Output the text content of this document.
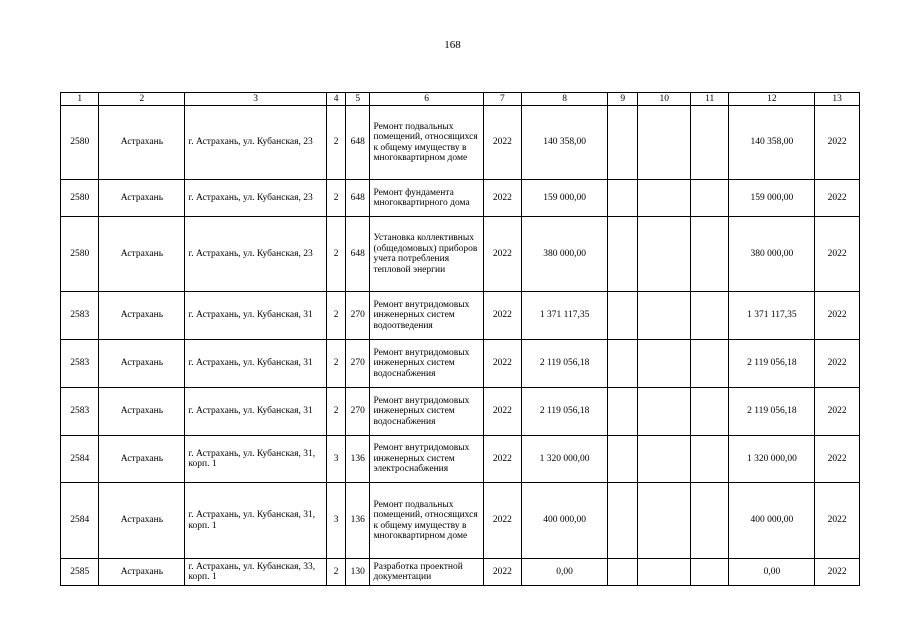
168
1	2	3	4	5	6	7	8	9	10	11	12	13
2580	Астрахань	г. Астрахань, ул. Кубанская, 23	2	648	Ремонт подвальных помещений, относящихся к общему имуществу в многоквартирном доме	2022	140 358,00				140 358,00	2022
2580	Астрахань	г. Астрахань, ул. Кубанская, 23	2	648	Ремонт фундамента многоквартирного дома	2022	159 000,00				159 000,00	2022
2580	Астрахань	г. Астрахань, ул. Кубанская, 23	2	648	Установка коллективных (общедомовых) приборов учета потребления тепловой энергии	2022	380 000,00				380 000,00	2022
2583	Астрахань	г. Астрахань, ул. Кубанская, 31	2	270	Ремонт внутридомовых инженерных систем водоотведения	2022	1 371 117,35				1 371 117,35	2022
2583	Астрахань	г. Астрахань, ул. Кубанская, 31	2	270	Ремонт внутридомовых инженерных систем водоснабжения	2022	2 119 056,18				2 119 056,18	2022
2583	Астрахань	г. Астрахань, ул. Кубанская, 31	2	270	Ремонт внутридомовых инженерных систем водоснабжения	2022	2 119 056,18				2 119 056,18	2022
2584	Астрахань	г. Астрахань, ул. Кубанская, 31, корп. 1	3	136	Ремонт внутридомовых инженерных систем электроснабжения	2022	1 320 000,00				1 320 000,00	2022
2584	Астрахань	г. Астрахань, ул. Кубанская, 31, корп. 1	3	136	Ремонт подвальных помещений, относящихся к общему имуществу в многоквартирном доме	2022	400 000,00				400 000,00	2022
2585	Астрахань	г. Астрахань, ул. Кубанская, 33, корп. 1	2	130	Разработка проектной документации	2022	0,00				0,00	2022
